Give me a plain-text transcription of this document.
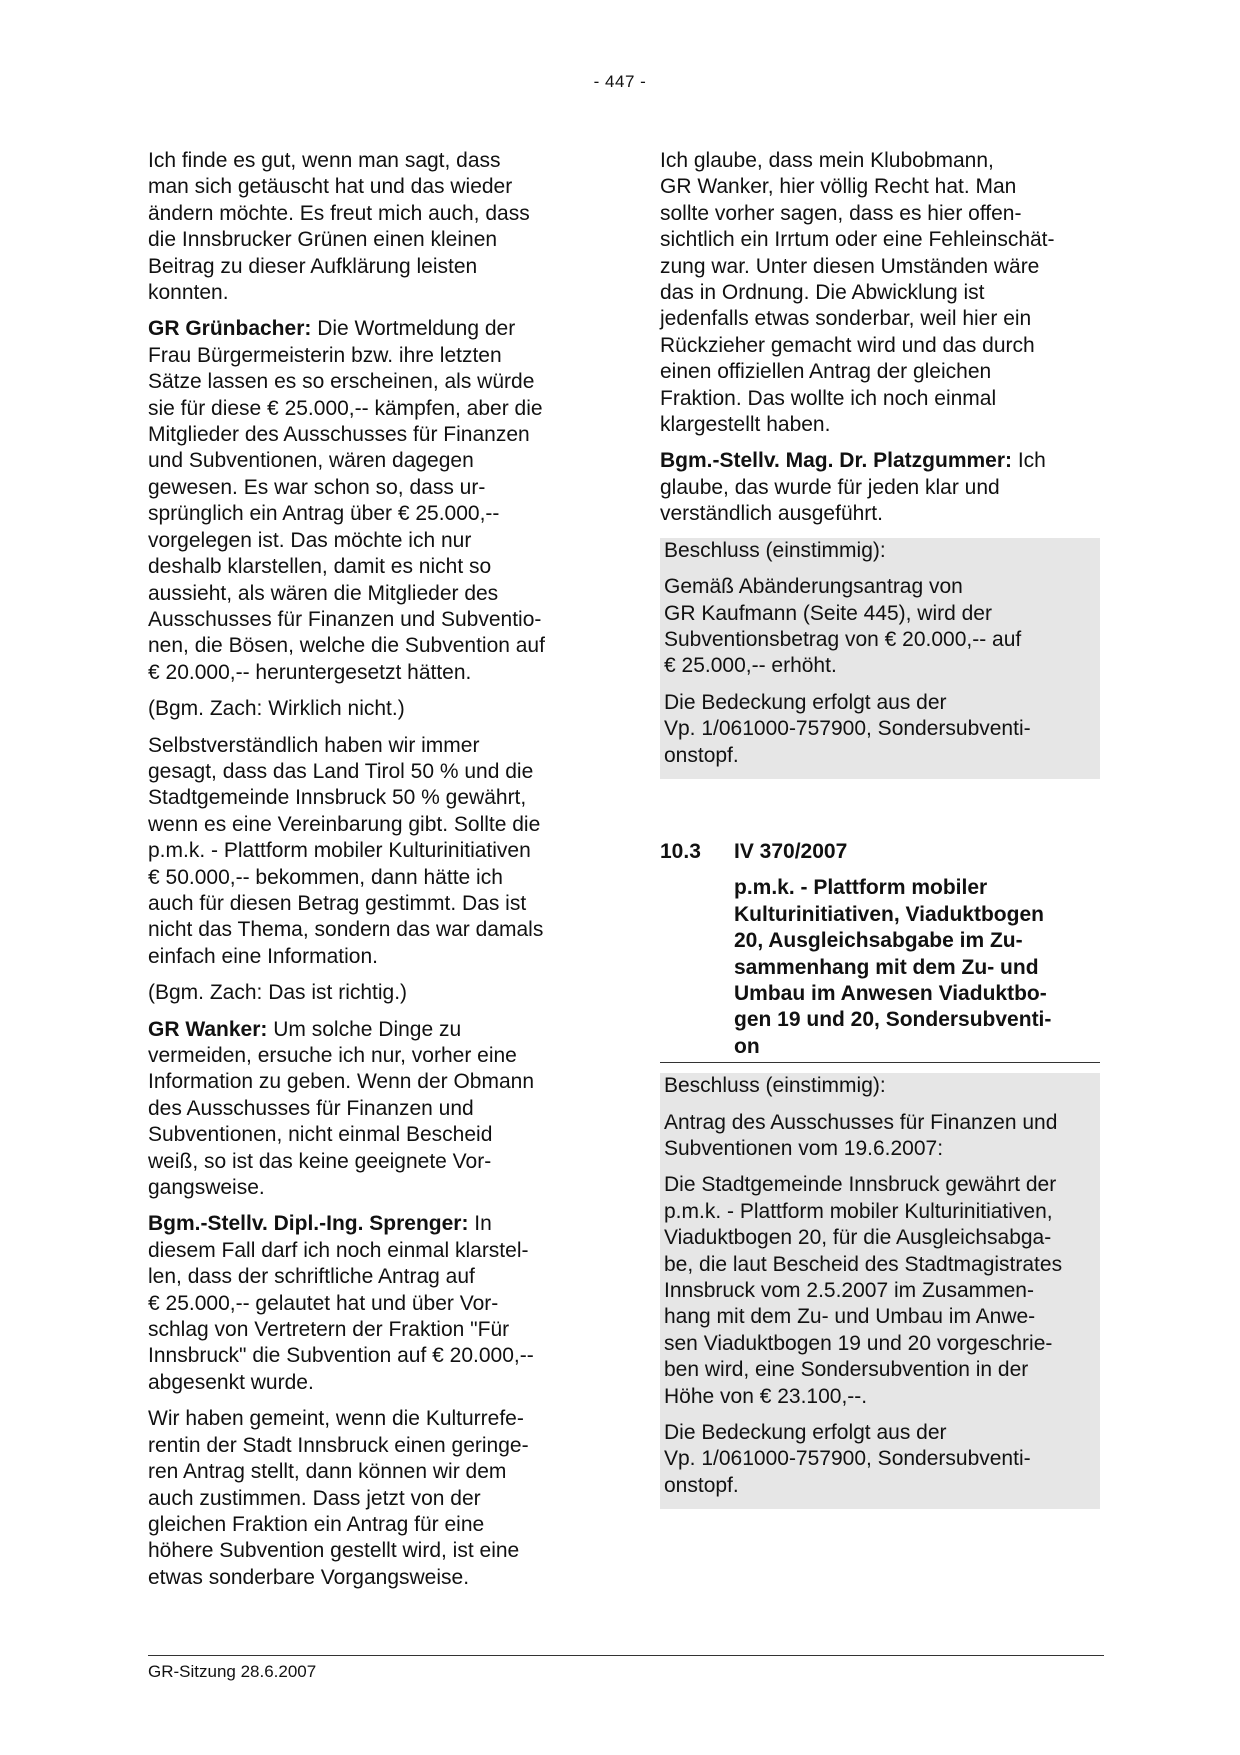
- 447 -
Ich finde es gut, wenn man sagt, dass
man sich getäuscht hat und das wieder
ändern möchte. Es freut mich auch, dass
die Innsbrucker Grünen einen kleinen
Beitrag zu dieser Aufklärung leisten
konnten.
GR Grünbacher: Die Wortmeldung der
Frau Bürgermeisterin bzw. ihre letzten
Sätze lassen es so erscheinen, als würde
sie für diese € 25.000,-- kämpfen, aber die
Mitglieder des Ausschusses für Finanzen
und Subventionen, wären dagegen
gewesen. Es war schon so, dass ur-
sprünglich ein Antrag über € 25.000,--
vorgelegen ist. Das möchte ich nur
deshalb klarstellen, damit es nicht so
aussieht, als wären die Mitglieder des
Ausschusses für Finanzen und Subventio-
nen, die Bösen, welche die Subvention auf
€ 20.000,-- heruntergesetzt hätten.
(Bgm. Zach: Wirklich nicht.)
Selbstverständlich haben wir immer
gesagt, dass das Land Tirol 50 % und die
Stadtgemeinde Innsbruck 50 % gewährt,
wenn es eine Vereinbarung gibt. Sollte die
p.m.k. - Plattform mobiler Kulturinitiativen
€ 50.000,-- bekommen, dann hätte ich
auch für diesen Betrag gestimmt. Das ist
nicht das Thema, sondern das war damals
einfach eine Information.
(Bgm. Zach: Das ist richtig.)
GR Wanker: Um solche Dinge zu
vermeiden, ersuche ich nur, vorher eine
Information zu geben. Wenn der Obmann
des Ausschusses für Finanzen und
Subventionen, nicht einmal Bescheid
weiß, so ist das keine geeignete Vor-
gangsweise.
Bgm.-Stellv. Dipl.-Ing. Sprenger: In
diesem Fall darf ich noch einmal klarstel-
len, dass der schriftliche Antrag auf
€ 25.000,-- gelautet hat und über Vor-
schlag von Vertretern der Fraktion "Für
Innsbruck" die Subvention auf € 20.000,--
abgesenkt wurde.
Wir haben gemeint, wenn die Kulturrefe-
rentin der Stadt Innsbruck einen geringe-
ren Antrag stellt, dann können wir dem
auch zustimmen. Dass jetzt von der
gleichen Fraktion ein Antrag für eine
höhere Subvention gestellt wird, ist eine
etwas sonderbare Vorgangsweise.
Ich glaube, dass mein Klubobmann,
GR Wanker, hier völlig Recht hat. Man
sollte vorher sagen, dass es hier offen-
sichtlich ein Irrtum oder eine Fehleinschät-
zung war. Unter diesen Umständen wäre
das in Ordnung. Die Abwicklung ist
jedenfalls etwas sonderbar, weil hier ein
Rückzieher gemacht wird und das durch
einen offiziellen Antrag der gleichen
Fraktion. Das wollte ich noch einmal
klargestellt haben.
Bgm.-Stellv. Mag. Dr. Platzgummer: Ich
glaube, das wurde für jeden klar und
verständlich ausgeführt.
Beschluss (einstimmig):
Gemäß Abänderungsantrag von
GR Kaufmann (Seite 445), wird der
Subventionsbetrag von € 20.000,-- auf
€ 25.000,-- erhöht.
Die Bedeckung erfolgt aus der
Vp. 1/061000-757900, Sondersubventi-
onstopf.
10.3	IV 370/2007
p.m.k. - Plattform mobiler
Kulturinitiativen, Viaduktbogen
20, Ausgleichsabgabe im Zu-
sammenhang mit dem Zu- und
Umbau im Anwesen Viaduktbo-
gen 19 und 20, Sondersubventi-
on
Beschluss (einstimmig):
Antrag des Ausschusses für Finanzen und
Subventionen vom 19.6.2007:
Die Stadtgemeinde Innsbruck gewährt der
p.m.k. - Plattform mobiler Kulturinitiativen,
Viaduktbogen 20, für die Ausgleichsabga-
be, die laut Bescheid des Stadtmagistrates
Innsbruck vom 2.5.2007 im Zusammen-
hang mit dem Zu- und Umbau im Anwe-
sen Viaduktbogen 19 und 20 vorgeschrie-
ben wird, eine Sondersubvention in der
Höhe von € 23.100,--.
Die Bedeckung erfolgt aus der
Vp. 1/061000-757900, Sondersubventi-
onstopf.
GR-Sitzung 28.6.2007
